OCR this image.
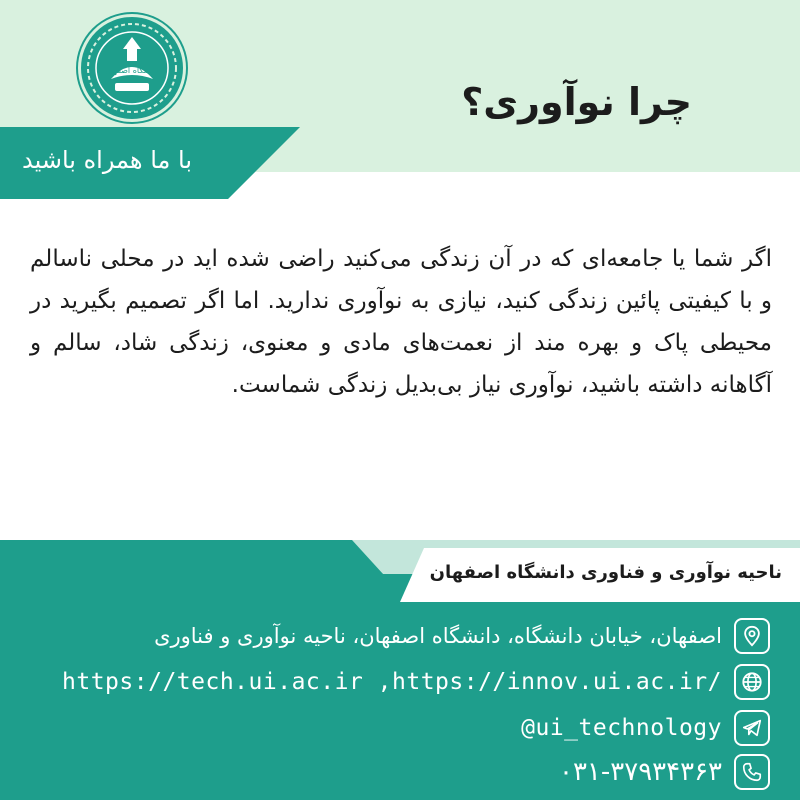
دانشگاه اصفهان
چرا نوآوری؟
با ما همراه باشید

اگر شما یا جامعه‌ای که در آن زندگی می‌کنید راضی شده اید در محلی ناسالم و با کیفیتی پائین زندگی کنید، نیازی به نوآوری ندارید. اما اگر تصمیم بگیرید در محیطی پاک و بهره مند از نعمت‌های مادی و معنوی، زندگی شاد، سالم و آگاهانه داشته باشید، نوآوری نیاز بی‌بدیل زندگی شماست.

ناحیه نوآوری و فناوری دانشگاه اصفهان
اصفهان، خیابان دانشگاه، دانشگاه اصفهان، ناحیه نوآوری و فناوری
https://tech.ui.ac.ir ,https://innov.ui.ac.ir/
@ui_technology
۰۳۱-۳۷۹۳۴۳۶۳
